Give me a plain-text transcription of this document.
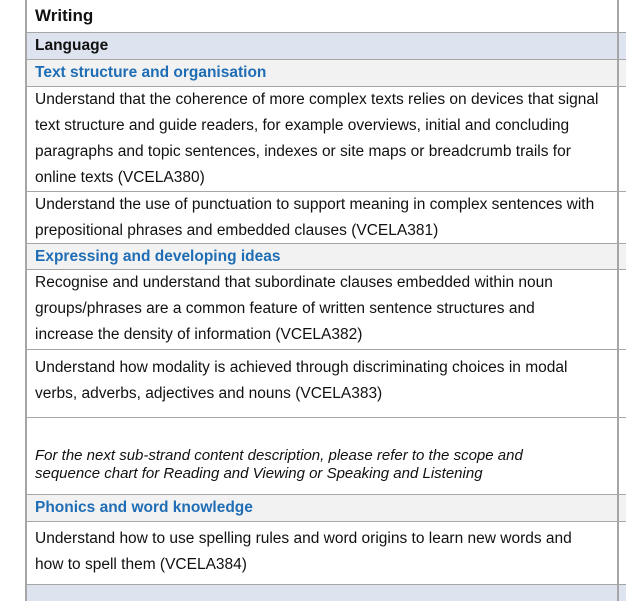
Writing
Language
Text structure and organisation
Understand that the coherence of more complex texts relies on devices that signal text structure and guide readers, for example overviews, initial and concluding paragraphs and topic sentences, indexes or site maps or breadcrumb trails for online texts (VCELA380)
Understand the use of punctuation to support meaning in complex sentences with prepositional phrases and embedded clauses (VCELA381)
Expressing and developing ideas
Recognise and understand that subordinate clauses embedded within noun groups/phrases are a common feature of written sentence structures and increase the density of information (VCELA382)
Understand how modality is achieved through discriminating choices in modal verbs, adverbs, adjectives and nouns (VCELA383)
For the next sub-strand content description, please refer to the scope and sequence chart for Reading and Viewing or Speaking and Listening
Phonics and word knowledge
Understand how to use spelling rules and word origins to learn new words and how to spell them (VCELA384)
